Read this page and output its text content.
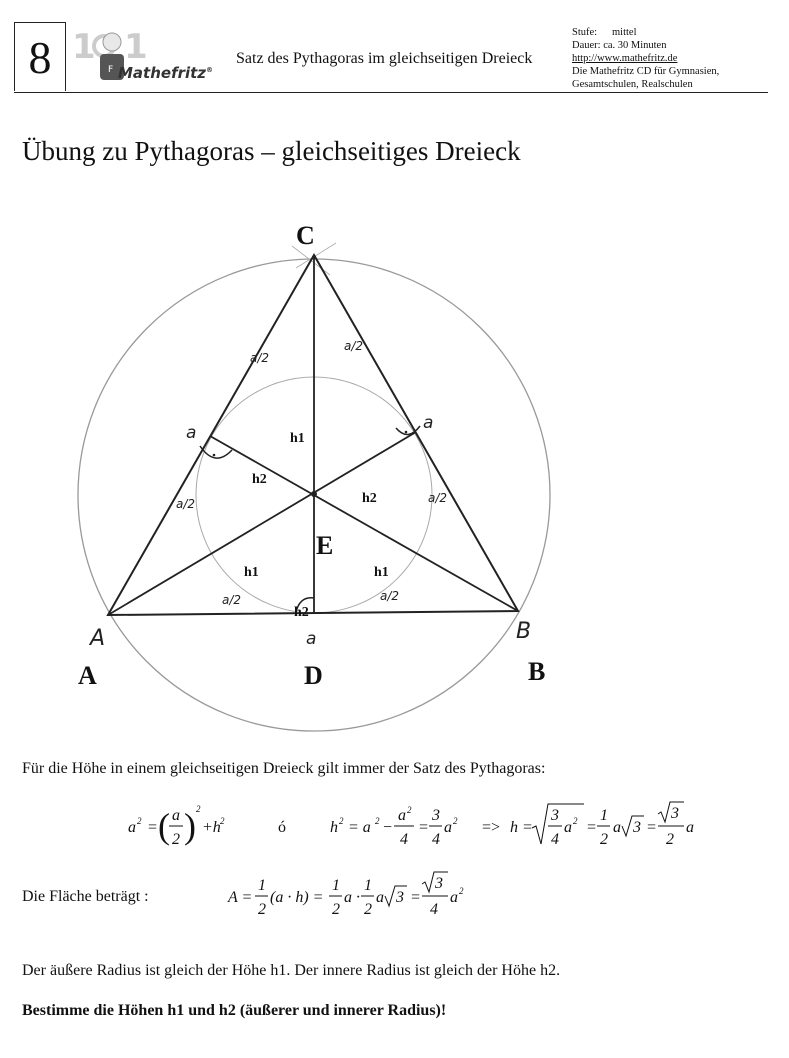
8 1 1
F Mathefritz®
Satz des Pythagoras im gleichseitigen Dreieck
Stufe: mittel
Dauer: ca. 30 Minuten
http://www.mathefritz.de
Die Mathefritz CD für Gymnasien,
Gesamtschulen, Realschulen
Übung zu Pythagoras – gleichseitiges Dreieck
a	a
a
A	B
a/2
a/2
a/2	a/2
a/2	a/2
C
E
A	D	B
h1
h2
h2
h1	h1
h2
Für die Höhe in einem gleichseitigen Dreieck gilt immer der Satz des Pythagoras:
a 2 = ( a
2 ) 2
+h 2	ó	h 2 = a 2 −
a 2
4
=
3
4
a 2 => h =
3
4
a 2 =
1
2
a 3 =
3
2
a
Die Fläche beträgt :	A =
1
2
(a · h) =
1
2
a ·
1
2
a 3 =
3
4
a 2
Der äußere Radius ist gleich der Höhe h1. Der innere Radius ist gleich der Höhe h2.
Bestimme die Höhen h1 und h2 (äußerer und innerer Radius)!
